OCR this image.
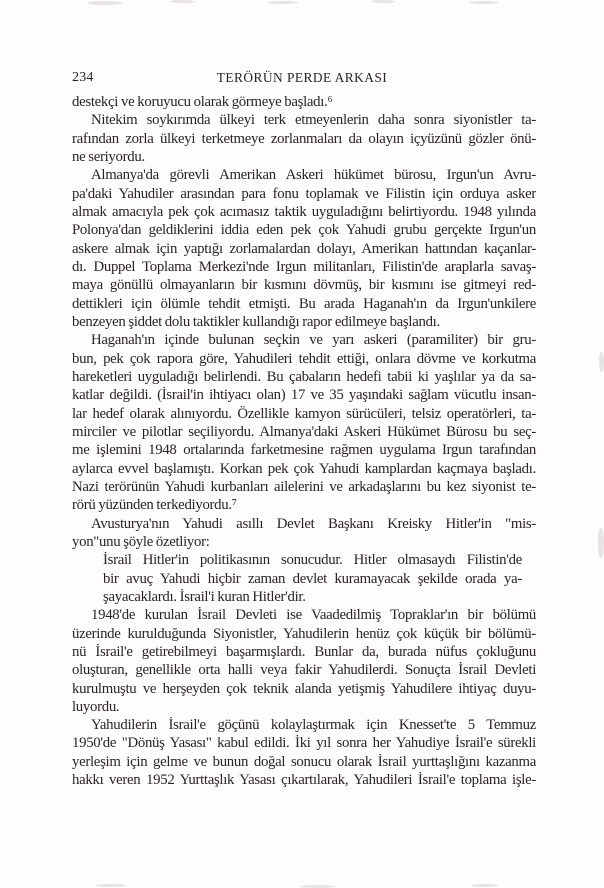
234	TERÖRÜN PERDE ARKASI
destekçi ve koruyucu olarak görmeye başladı.⁶
Nitekim soykırımda ülkeyi terk etmeyenlerin daha sonra siyonistler ta-
rafından zorla ülkeyi terketmeye zorlanmaları da olayın içyüzünü gözler önü-
ne seriyordu.
Almanya'da görevli Amerikan Askeri hükümet bürosu, Irgun'un Avru-
pa'daki Yahudiler arasından para fonu toplamak ve Filistin için orduya asker
almak amacıyla pek çok acımasız taktik uyguladığını belirtiyordu. 1948 yılında
Polonya'dan geldiklerini iddia eden pek çok Yahudi grubu gerçekte Irgun'un
askere almak için yaptığı zorlamalardan dolayı, Amerikan hattından kaçanlar-
dı. Duppel Toplama Merkezi'nde Irgun militanları, Filistin'de araplarla savaş-
maya gönüllü olmayanların bir kısmını dövmüş, bir kısmını ise gitmeyi red-
dettikleri için ölümle tehdit etmişti. Bu arada Haganah'ın da Irgun'unkilere
benzeyen şiddet dolu taktikler kullandığı rapor edilmeye başlandı.
Haganah'ın içinde bulunan seçkin ve yarı askeri (paramiliter) bir gru-
bun, pek çok rapora göre, Yahudileri tehdit ettiği, onlara dövme ve korkutma
hareketleri uyguladığı belirlendi. Bu çabaların hedefi tabii ki yaşlılar ya da sa-
katlar değildi. (İsrail'in ihtiyacı olan) 17 ve 35 yaşındaki sağlam vücutlu insan-
lar hedef olarak alınıyordu. Özellikle kamyon sürücüleri, telsiz operatörleri, ta-
mirciler ve pilotlar seçiliyordu. Almanya'daki Askeri Hükümet Bürosu bu seç-
me işlemini 1948 ortalarında farketmesine rağmen uygulama Irgun tarafından
aylarca evvel başlamıştı. Korkan pek çok Yahudi kamplardan kaçmaya başladı.
Nazi terörünün Yahudi kurbanları ailelerini ve arkadaşlarını bu kez siyonist te-
rörü yüzünden terkediyordu.⁷
Avusturya'nın Yahudi asıllı Devlet Başkanı Kreisky Hitler'in "mis-
yon"unu şöyle özetliyor:
İsrail Hitler'in politikasının sonucudur. Hitler olmasaydı Filistin'de
bir avuç Yahudi hiçbir zaman devlet kuramayacak şekilde orada ya-
şayacaklardı. İsrail'i kuran Hitler'dir.
1948'de kurulan İsrail Devleti ise Vaadedilmiş Topraklar'ın bir bölümü
üzerinde kurulduğunda Siyonistler, Yahudilerin henüz çok küçük bir bölümü-
nü İsrail'e getirebilmeyi başarmışlardı. Bunlar da, burada nüfus çokluğunu
oluşturan, genellikle orta halli veya fakir Yahudilerdi. Sonuçta İsrail Devleti
kurulmuştu ve herşeyden çok teknik alanda yetişmiş Yahudilere ihtiyaç duyu-
luyordu.
Yahudilerin İsrail'e göçünü kolaylaştırmak için Knesset'te 5 Temmuz
1950'de "Dönüş Yasası" kabul edildi. İki yıl sonra her Yahudiye İsrail'e sürekli
yerleşim için gelme ve bunun doğal sonucu olarak İsrail yurttaşlığını kazanma
hakkı veren 1952 Yurttaşlık Yasası çıkartılarak, Yahudileri İsrail'e toplama işle-
